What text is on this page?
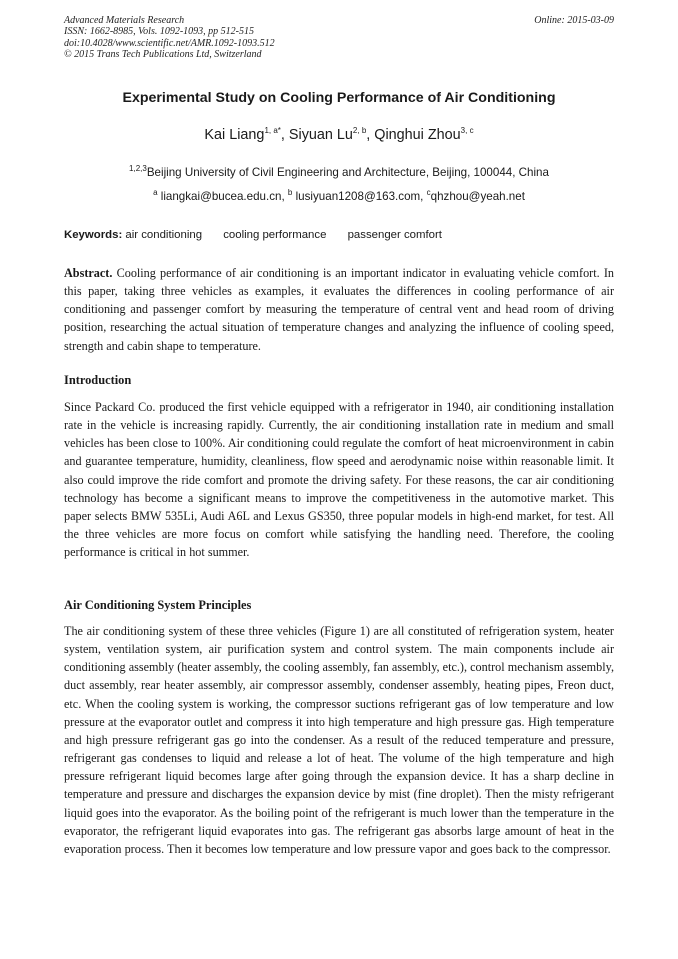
Advanced Materials Research
ISSN: 1662-8985, Vols. 1092-1093, pp 512-515
doi:10.4028/www.scientific.net/AMR.1092-1093.512
© 2015 Trans Tech Publications Ltd, Switzerland
Online: 2015-03-09
Experimental Study on Cooling Performance of Air Conditioning
Kai Liang$^{1, a*}$, Siyuan Lu$^{2, b}$, Qinghui Zhou$^{3, c}$
$^{1,2,3}$Beijing University of Civil Engineering and Architecture, Beijing, 100044, China
$^a$ liangkai@bucea.edu.cn, $^b$ lusiyuan1208@163.com, $^c$qhzhou@yeah.net
Keywords: air conditioning cooling performance passenger comfort
Abstract. Cooling performance of air conditioning is an important indicator in evaluating vehicle comfort. In this paper, taking three vehicles as examples, it evaluates the differences in cooling performance of air conditioning and passenger comfort by measuring the temperature of central vent and head room of driving position, researching the actual situation of temperature changes and analyzing the influence of cooling speed, strength and cabin shape to temperature.
Introduction
Since Packard Co. produced the first vehicle equipped with a refrigerator in 1940, air conditioning installation rate in the vehicle is increasing rapidly. Currently, the air conditioning installation rate in medium and small vehicles has been close to 100%. Air conditioning could regulate the comfort of heat microenvironment in cabin and guarantee temperature, humidity, cleanliness, flow speed and aerodynamic noise within reasonable limit. It also could improve the ride comfort and promote the driving safety. For these reasons, the car air conditioning technology has become a significant means to improve the competitiveness in the automotive market. This paper selects BMW 535Li, Audi A6L and Lexus GS350, three popular models in high-end market, for test. All the three vehicles are more focus on comfort while satisfying the handling need. Therefore, the cooling performance is critical in hot summer.
Air Conditioning System Principles
The air conditioning system of these three vehicles (Figure 1) are all constituted of refrigeration system, heater system, ventilation system, air purification system and control system. The main components include air conditioning assembly (heater assembly, the cooling assembly, fan assembly, etc.), control mechanism assembly, duct assembly, rear heater assembly, air compressor assembly, condenser assembly, heating pipes, Freon duct, etc. When the cooling system is working, the compressor suctions refrigerant gas of low temperature and low pressure at the evaporator outlet and compress it into high temperature and high pressure gas. High temperature and high pressure refrigerant gas go into the condenser. As a result of the reduced temperature and pressure, refrigerant gas condenses to liquid and release a lot of heat. The volume of the high temperature and high pressure refrigerant liquid becomes large after going through the expansion device. It has a sharp decline in temperature and pressure and discharges the expansion device by mist (fine droplet). Then the misty refrigerant liquid goes into the evaporator. As the boiling point of the refrigerant is much lower than the temperature in the evaporator, the refrigerant liquid evaporates into gas. The refrigerant gas absorbs large amount of heat in the evaporation process. Then it becomes low temperature and low pressure vapor and goes back to the compressor.
